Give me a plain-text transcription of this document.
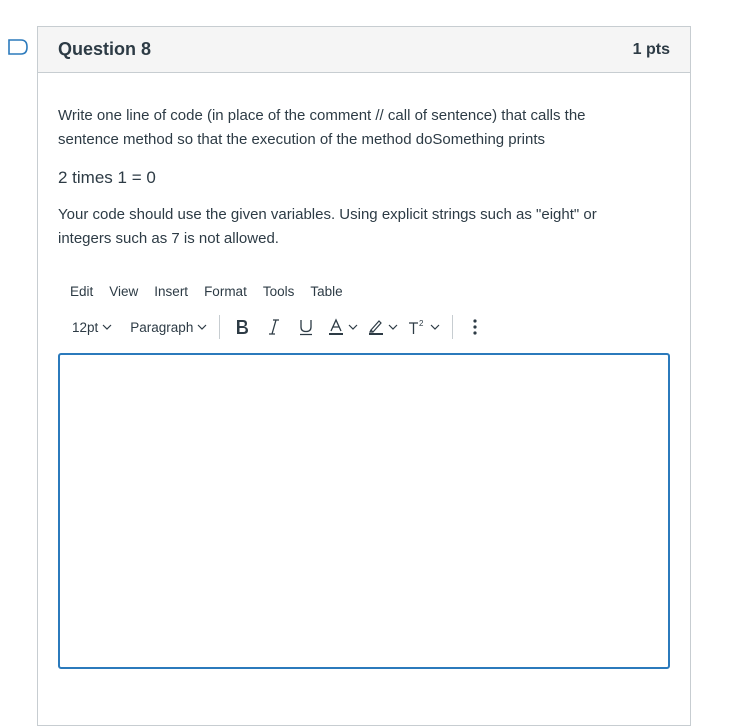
Question 8	1 pts

Write one line of code (in place of the comment // call of sentence) that calls the sentence method so that the execution of the method doSomething prints

2 times 1 = 0

Your code should use the given variables. Using explicit strings such as "eight" or integers such as 7 is not allowed.

Edit View Insert Format Tools Table
12pt Paragraph	2
